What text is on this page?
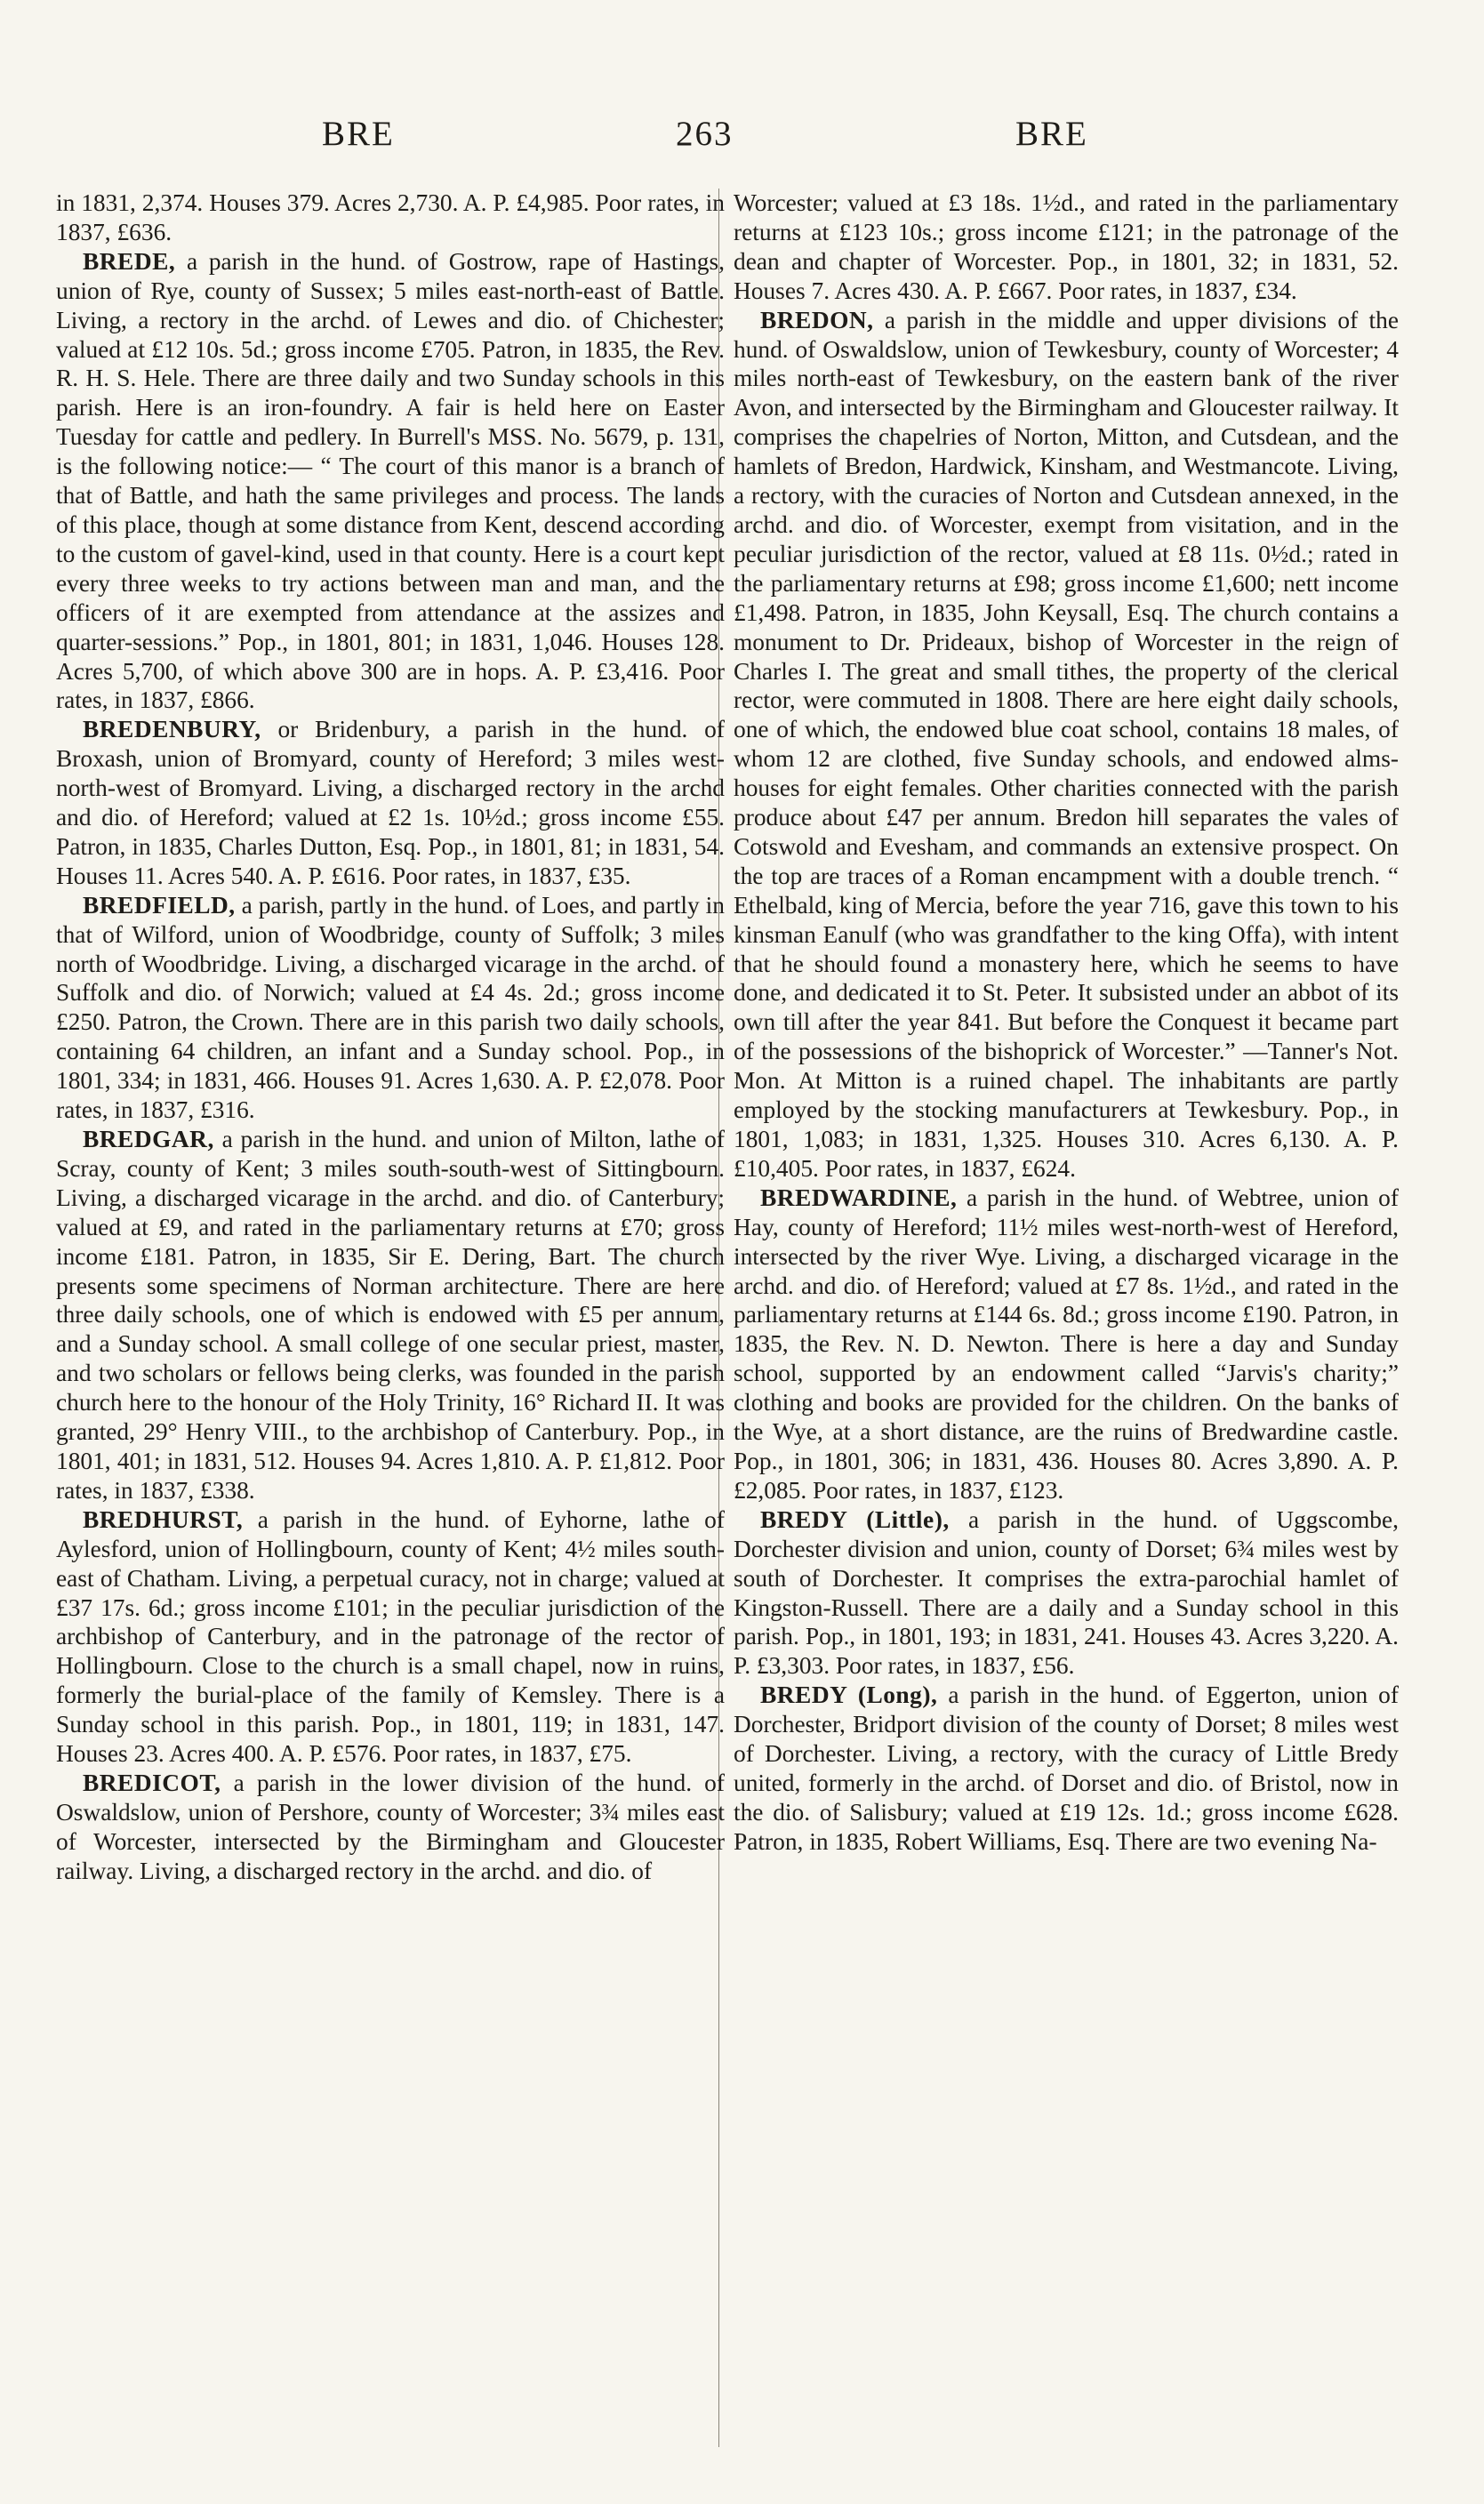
BRE	263	BRE

in 1831, 2,374. Houses 379. Acres 2,730. A. P. £4,985. Poor rates, in 1837, £636.

BREDE, a parish in the hund. of Gostrow, rape of Hastings, union of Rye, county of Sussex; 5 miles east-north-east of Battle. Living, a rectory in the archd. of Lewes and dio. of Chichester; valued at £12 10s. 5d.; gross income £705. Patron, in 1835, the Rev. R. H. S. Hele. There are three daily and two Sunday schools in this parish. Here is an iron-foundry. A fair is held here on Easter Tuesday for cattle and pedlery. In Burrell's MSS. No. 5679, p. 131, is the following notice:— “ The court of this manor is a branch of that of Battle, and hath the same privileges and process. The lands of this place, though at some distance from Kent, descend according to the custom of gavel-kind, used in that county. Here is a court kept every three weeks to try actions between man and man, and the officers of it are exempted from attendance at the assizes and quarter-sessions.” Pop., in 1801, 801; in 1831, 1,046. Houses 128. Acres 5,700, of which above 300 are in hops. A. P. £3,416. Poor rates, in 1837, £866.

BREDENBURY, or Bridenbury, a parish in the hund. of Broxash, union of Bromyard, county of Hereford; 3 miles west-north-west of Bromyard. Living, a discharged rectory in the archd and dio. of Hereford; valued at £2 1s. 10½d.; gross income £55. Patron, in 1835, Charles Dutton, Esq. Pop., in 1801, 81; in 1831, 54. Houses 11. Acres 540. A. P. £616. Poor rates, in 1837, £35.

BREDFIELD, a parish, partly in the hund. of Loes, and partly in that of Wilford, union of Woodbridge, county of Suffolk; 3 miles north of Woodbridge. Living, a discharged vicarage in the archd. of Suffolk and dio. of Norwich; valued at £4 4s. 2d.; gross income £250. Patron, the Crown. There are in this parish two daily schools, containing 64 children, an infant and a Sunday school. Pop., in 1801, 334; in 1831, 466. Houses 91. Acres 1,630. A. P. £2,078. Poor rates, in 1837, £316.

BREDGAR, a parish in the hund. and union of Milton, lathe of Scray, county of Kent; 3 miles south-south-west of Sittingbourn. Living, a discharged vicarage in the archd. and dio. of Canterbury; valued at £9, and rated in the parliamentary returns at £70; gross income £181. Patron, in 1835, Sir E. Dering, Bart. The church presents some specimens of Norman architecture. There are here three daily schools, one of which is endowed with £5 per annum, and a Sunday school. A small college of one secular priest, master, and two scholars or fellows being clerks, was founded in the parish church here to the honour of the Holy Trinity, 16° Richard II. It was granted, 29° Henry VIII., to the archbishop of Canterbury. Pop., in 1801, 401; in 1831, 512. Houses 94. Acres 1,810. A. P. £1,812. Poor rates, in 1837, £338.

BREDHURST, a parish in the hund. of Eyhorne, lathe of Aylesford, union of Hollingbourn, county of Kent; 4½ miles south-east of Chatham. Living, a perpetual curacy, not in charge; valued at £37 17s. 6d.; gross income £101; in the peculiar jurisdiction of the archbishop of Canterbury, and in the patronage of the rector of Hollingbourn. Close to the church is a small chapel, now in ruins, formerly the burial-place of the family of Kemsley. There is a Sunday school in this parish. Pop., in 1801, 119; in 1831, 147. Houses 23. Acres 400. A. P. £576. Poor rates, in 1837, £75.

BREDICOT, a parish in the lower division of the hund. of Oswaldslow, union of Pershore, county of Worcester; 3¾ miles east of Worcester, intersected by the Birmingham and Gloucester railway. Living, a discharged rectory in the archd. and dio. of

Worcester; valued at £3 18s. 1½d., and rated in the parliamentary returns at £123 10s.; gross income £121; in the patronage of the dean and chapter of Worcester. Pop., in 1801, 32; in 1831, 52. Houses 7. Acres 430. A. P. £667. Poor rates, in 1837, £34.

BREDON, a parish in the middle and upper divisions of the hund. of Oswaldslow, union of Tewkesbury, county of Worcester; 4 miles north-east of Tewkesbury, on the eastern bank of the river Avon, and intersected by the Birmingham and Gloucester railway. It comprises the chapelries of Norton, Mitton, and Cutsdean, and the hamlets of Bredon, Hardwick, Kinsham, and Westmancote. Living, a rectory, with the curacies of Norton and Cutsdean annexed, in the archd. and dio. of Worcester, exempt from visitation, and in the peculiar jurisdiction of the rector, valued at £8 11s. 0½d.; rated in the parliamentary returns at £98; gross income £1,600; nett income £1,498. Patron, in 1835, John Keysall, Esq. The church contains a monument to Dr. Prideaux, bishop of Worcester in the reign of Charles I. The great and small tithes, the property of the clerical rector, were commuted in 1808. There are here eight daily schools, one of which, the endowed blue coat school, contains 18 males, of whom 12 are clothed, five Sunday schools, and endowed alms-houses for eight females. Other charities connected with the parish produce about £47 per annum. Bredon hill separates the vales of Cotswold and Evesham, and commands an extensive prospect. On the top are traces of a Roman encampment with a double trench. “ Ethelbald, king of Mercia, before the year 716, gave this town to his kinsman Eanulf (who was grandfather to the king Offa), with intent that he should found a monastery here, which he seems to have done, and dedicated it to St. Peter. It subsisted under an abbot of its own till after the year 841. But before the Conquest it became part of the possessions of the bishoprick of Worcester.” —Tanner's Not. Mon. At Mitton is a ruined chapel. The inhabitants are partly employed by the stocking manufacturers at Tewkesbury. Pop., in 1801, 1,083; in 1831, 1,325. Houses 310. Acres 6,130. A. P. £10,405. Poor rates, in 1837, £624.

BREDWARDINE, a parish in the hund. of Webtree, union of Hay, county of Hereford; 11½ miles west-north-west of Hereford, intersected by the river Wye. Living, a discharged vicarage in the archd. and dio. of Hereford; valued at £7 8s. 1½d., and rated in the parliamentary returns at £144 6s. 8d.; gross income £190. Patron, in 1835, the Rev. N. D. Newton. There is here a day and Sunday school, supported by an endowment called “Jarvis's charity;” clothing and books are provided for the children. On the banks of the Wye, at a short distance, are the ruins of Bredwardine castle. Pop., in 1801, 306; in 1831, 436. Houses 80. Acres 3,890. A. P. £2,085. Poor rates, in 1837, £123.

BREDY (Little), a parish in the hund. of Uggscombe, Dorchester division and union, county of Dorset; 6¾ miles west by south of Dorchester. It comprises the extra-parochial hamlet of Kingston-Russell. There are a daily and a Sunday school in this parish. Pop., in 1801, 193; in 1831, 241. Houses 43. Acres 3,220. A. P. £3,303. Poor rates, in 1837, £56.

BREDY (Long), a parish in the hund. of Eggerton, union of Dorchester, Bridport division of the county of Dorset; 8 miles west of Dorchester. Living, a rectory, with the curacy of Little Bredy united, formerly in the archd. of Dorset and dio. of Bristol, now in the dio. of Salisbury; valued at £19 12s. 1d.; gross income £628. Patron, in 1835, Robert Williams, Esq. There are two evening Na-
